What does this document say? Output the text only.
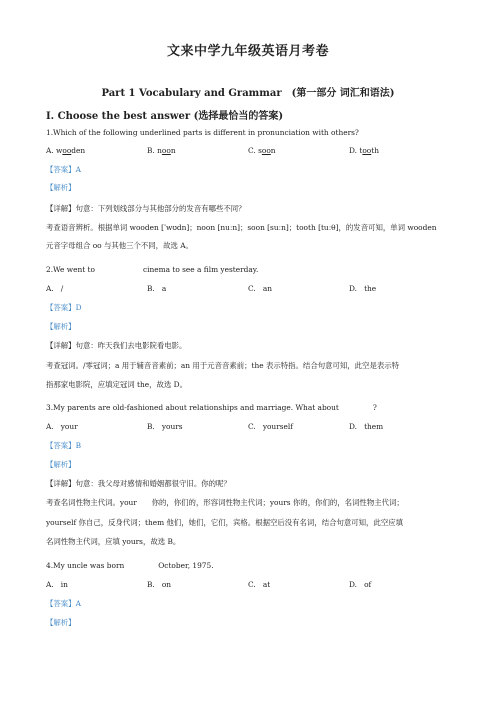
文来中学九年级英语月考卷
Part 1 Vocabulary and Grammar　(第一部分 词汇和语法)
I. Choose the best answer (选择最恰当的答案)
1.Which of the following underlined parts is different in pronunciation with others?
A. wooden	B. noon	C. soon	D. tooth
【答案】A
【解析】
【详解】句意：下列划线部分与其他部分的发音有哪些不同？
考查语音辨析。根据单词 wooden [ˈwʊdn]；noon [nuːn]；soon [suːn]；tooth [tuːθ]，的发音可知，单词 wooden
元音字母组合 oo 与其他三个不同，故选 A。
2.We went to	cinema to see a film yesterday.
A. /	B. a	C. an	D. the
【答案】D
【解析】
【详解】句意：昨天我们去电影院看电影。
考查冠词。/零冠词；a 用于辅音音素前；an 用于元音音素前；the 表示特指。结合句意可知，此空是表示特
指那家电影院，应填定冠词 the，故选 D。
3.My parents are old-fashioned about relationships and marriage. What about	?
A. your	B. yours	C. yourself	D. them
【答案】B
【解析】
【详解】句意：我父母对感情和婚姻都很守旧。你的呢？
考查名词性物主代词。your　　你的，你们的，形容词性物主代词；yours 你的，你们的，名词性物主代词；
yourself 你自己，反身代词；them 他们，她们，它们，宾格。根据空后没有名词，结合句意可知，此空应填
名词性物主代词，应填 yours，故选 B。
4.My uncle was born	October, 1975.
A. in	B. on	C. at	D. of
【答案】A
【解析】
